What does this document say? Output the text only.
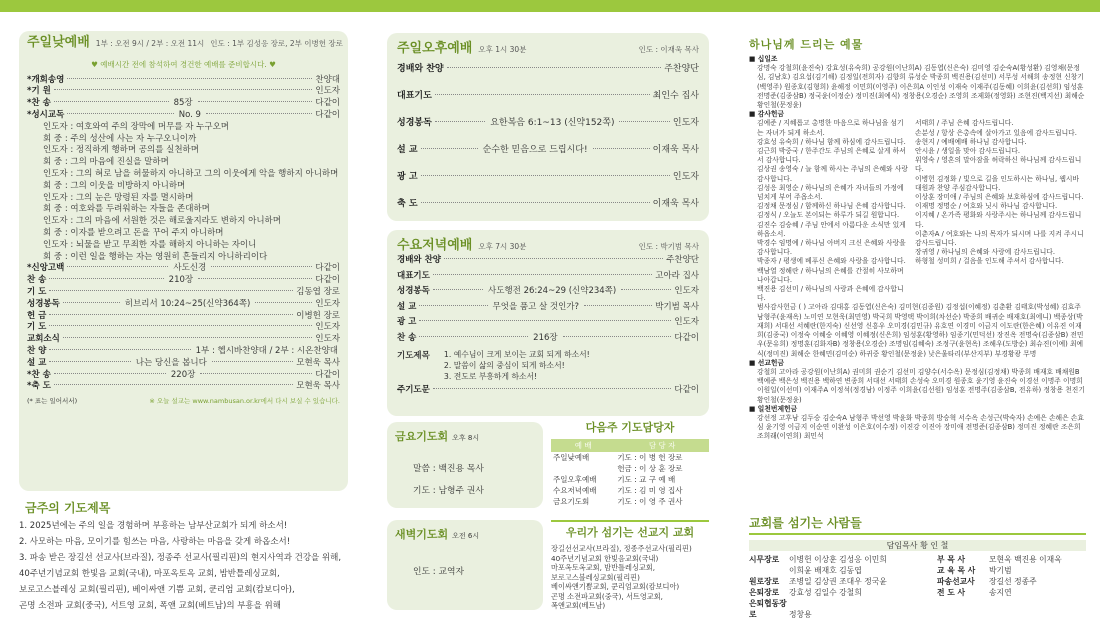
주일낮예배 1부 : 오전 9시 / 2부 : 오전 11시 인도 : 1부 김성응 장로, 2부 이병헌 장로
♥ 예배시간 전에 참석하여 경건한 예배를 준비합시다. ♥
*개회송영	찬양대
*기 원	인도자
*찬 송	85장	다같이
*성시교독	No. 9	다같이
인도자 : 여호와여 주의 장막에 머무를 자 누구오며
회 중 : 주의 성산에 사는 자 누구오니이까
인도자 : 정직하게 행하며 공의를 실천하며
회 중 : 그의 마음에 진실을 말하며
인도자 : 그의 혀로 남을 허물하지 아니하고 그의 이웃에게 악을 행하지 아니하며
회 중 : 그의 이웃을 비방하지 아니하며
인도자 : 그의 눈은 망령된 자를 멸시하며
회 중 : 여호와를 두려워하는 자들을 존대하며
인도자 : 그의 마음에 서원한 것은 해로울지라도 변하지 아니하며
회 중 : 이자를 받으려고 돈을 꾸어 주지 아니하며
인도자 : 뇌물을 받고 무죄한 자를 해하지 아니하는 자이니
회 중 : 이런 일을 행하는 자는 영원히 흔들리지 아니하리이다
*신앙고백	사도신경	다같이
찬 송	210장	다같이
기 도	김동엽 장로
성경봉독	히브리서 10:24~25(신약364쪽)	인도자
헌 금	이병헌 장로
기 도	인도자
교회소식	인도자
찬 양	1부 : 헵시바찬양대 / 2부 : 시온찬양대
설 교	나는 당신을 봅니다	모현욱 목사
*찬 송	220장	다같이
*축 도	모현욱 목사
(* 표는 일어서서)	※ 오늘 설교는 www.nambusan.or.kr에서 다시 보실 수 있습니다.
금주의 기도제목
1. 2025년에는 주의 일을 경험하며 부흥하는 남부산교회가 되게 하소서!
2. 사모하는 마음, 모이기를 힘쓰는 마음, 사랑하는 마음을 갖게 하옵소서!
3. 파송 받은 장길선 선교사(브라질), 정종주 선교사(필리핀)의 현지사역과 건강을 위해,
40주년기념교회 한빛음 교회(국내), 마포옥토옥 교회, 밤반틀레싱교회,
보로고스블레싱 교회(필리핀), 베이싸앤 기쁨 교회, 쿤리엄 교회(캄보디아),
곤명 소전파 교회(중국), 서트영 교회, 폭앤 교회(베트남)의 부흥을 위해
주일오후예배 오후 1시 30분	인도 : 이재욱 목사
경배와 찬양	주찬양단
대표기도	최인수 집사
성경봉독	요한복음 6:1~13 (신약152쪽)	인도자
설 교	순수한 믿음으로 드립시다!	이재욱 목사
광 고	인도자
축 도	이재욱 목사
수요저녁예배 오후 7시 30분	인도 : 박기범 목사
경배와 찬양	주찬양단
대표기도	고아라 집사
성경봉독	사도행전 26:24~29 (신약234쪽)	인도자
설 교	무엇을 품고 살 것인가?	박기범 목사
광 고	인도자
찬 송	216장	다같이
기도제목 1. 예수님이 크게 보이는 교회 되게 하소서!
2. 말씀이 삶의 중심이 되게 하소서!
3. 전도로 부흥하게 하소서!
주기도문	다같이
금요기도회 오후 8시
말씀 : 백진용 목사
기도 : 남형주 권사
새벽기도회 오전 6시
인도 : 교역자
다음주 기도담당자
예 배	담 당 자
주일낮예배	기도 : 이 병 헌 장로
	헌금 : 이 상 훈 장로
주일오후예배	기도 : 교 구 예 배
수요저녁예배	기도 : 김 미 영 집사
금요기도회	기도 : 이 영 주 권사
우리가 섬기는 선교지 교회
장길선선교사(브라질), 정종주선교사(필리핀)
40주년기념교회 한빛음교회(국내)
마포옥토옥교회, 밤반틀레싱교회,
보로고스블레싱교회(필리핀)
베이싸앤기쁨교회, 쿤리엄교회(캄보디아)
곤명 소전파교회(중국), 서트영교회,
폭앤교회(베트남)
하나님께 드리는 예물
■ 십일조
강명숙 강철희(윤진숙) 강효성(유숙희) 공강원(이난희A) 김동엽(신은숙) 김미영 김순숙A(황성환) 김영채(문정심, 김남호) 김요섭(김기해) 김정일(전희자) 김향희 류성순 박종희 백진용(김선미) 서무성 서해희 송정현 신창기(백영주) 원종호(김형희) 윤해정 이민희(이영주) 이은희A 이인성 이재숙 이재주(김동혜) 이희윤(김선희) 임성훈 전명준(김종삼B) 정국윤(이정순) 정미진(최예식) 정창용(오경순) 조영희 조제화(정영화) 조현진(백지선) 최해순 황인철(문정윤)
■ 감사헌금
김예준 / 지혜롭고 총명한 마음으로 하나님을 섬기는 자녀가 되게 하소서.
강효성 유숙희 / 하나님 함께 하심에 감사드립니다.
김근희 박중국 / 한주간도 주님의 은혜로 살게 하셔서 감사합니다.
김상권 송영숙 / 늘 함께 하시는 주님의 은혜와 사랑 감사합니다.
김성응 최영순 / 하나님의 은혜가 자녀들의 가정에 넘치게 부어 주옵소서.
김정채 문정심 / 함께하신 하나님 은혜 감사합니다.
김정식 / 오늘도 본이되는 하루가 되길 원합니다.
김진수 김승혜 / 주님 안에서 아름다운 소식만 있게 하옵소서.
박경수 임명예 / 하나님 아버지 크신 은혜와 사랑을 감사합니다.
박종자 / 평생에 베푸신 은혜와 사랑을 감사합니다.
백남열 정해란 / 하나님의 은혜를 간절히 사모하며 나아갑니다.
백진용 김선미 / 하나님의 사랑과 은혜에 감사합니다.
서태희 / 주님 은혜 감사드립니다.
손분성 / 항상 은총속에 살아가고 있음에 감사드립니다.
송현지 / 예배예배 하나님 감사합니다.
안시윤 / 생일을 맞아 감사드립니다.
위영숙 / 영혼의 말아잠을 허락하신 하나님께 감사드립니다.
이병헌 김정화 / 빛으로 길을 인도하시는 하나님, 웹시바 대원과 찬양 주심감사합니다.
이상훈 장미애 / 주님의 은혜와 보호하심에 감사드립니다.
이재명 정명순 / 여호와 닛시 하나님 감사합니다.
이지혜 / 온가족 평화와 사랑주시는 하나님께 감사드립니다.
이춘자A / 여호와는 나의 목자가 되시며 나를 지켜 주시니 감사드립니다.
장귀영 / 하나님의 은혜와 사랑에 감사드립니다.
하형철 성미희 / 걸음을 인도해 주셔서 감사합니다.
범사감사헌금 ( ) 고아라 김대홍 김동엽(신은숙) 김미현(김종원) 김정섭(이혜정) 김춘환 김태호(박성혜) 김효주 남형주(윤재옥) 노미연 모현욱(최민영) 박국희 박영택 박이희(차선순) 박종희 배귀순 배재호(최에니) 백종상(박재희) 서대선 서혜란(한지숙) 신선영 신흥우 오미경(김민규) 유호연 이경미 이금지 이도란(한은혜) 이유진 이재희(김종국) 이정숙 이혜숭 이혜영 이혜정(신은희) 임성훈(황영하) 임종기(민덕선) 장진옥 전명숙(김종삼B) 전민우(문유희) 정명훈(김화자B) 정창용(오경순) 조명임(김혜숙) 조정구(윤현옥) 조해우(도방순) 최슈진(이예) 최예식(정미진) 최해순 한혜민(김미순) 하귀중 황인철(문정윤) 낮은울타리(부산지부) 부경황광 무명
■ 선교헌금
강철희 고아라 공강원(이난희A) 권미희 권순기 김선미 김양수(서수옥) 문정심(김정채) 박종희 배재호 배채원B 백예준 백은성 백진용 백하연 변종희 서대선 서태희 손성숙 오미경 원종호 윤기영 윤진숙 이경선 이명주 이명희 이원일(이선미) 이재주A 이정석(정경남) 이정주 이희윤(김선원) 임성훈 전명주(김종삼B, 전유하) 정창용 천진기 황인철(문정윤)
■ 일천번제헌금
강선정 고후남 김두승 김순숙A 남형주 박선영 박윤화 박종희 방승혁 서수옥 손성근(박숙자) 손예은 손해은 손효심 윤기영 이금지 이순연 이완성 이은호(이수정) 이진강 이진아 장미애 전명준(김종삼B) 정미진 정혜란 조은희 조희래(이연희) 최민석
교회를 섬기는 사람들
담임목사 황 인 철
시무장로 이병헌 이상훈 김성응 이민희
이희윤 배재호 김동엽
원로장로 조병일 김상권 조대우 정국윤
은퇴장로 강효성 김일수 강철희
은퇴협동장로	정창용
부 목 사	모현욱 백진용 이재욱
교 육 목 사 박기범
파송선교사 장길선 정종주
전 도 사	송지연
